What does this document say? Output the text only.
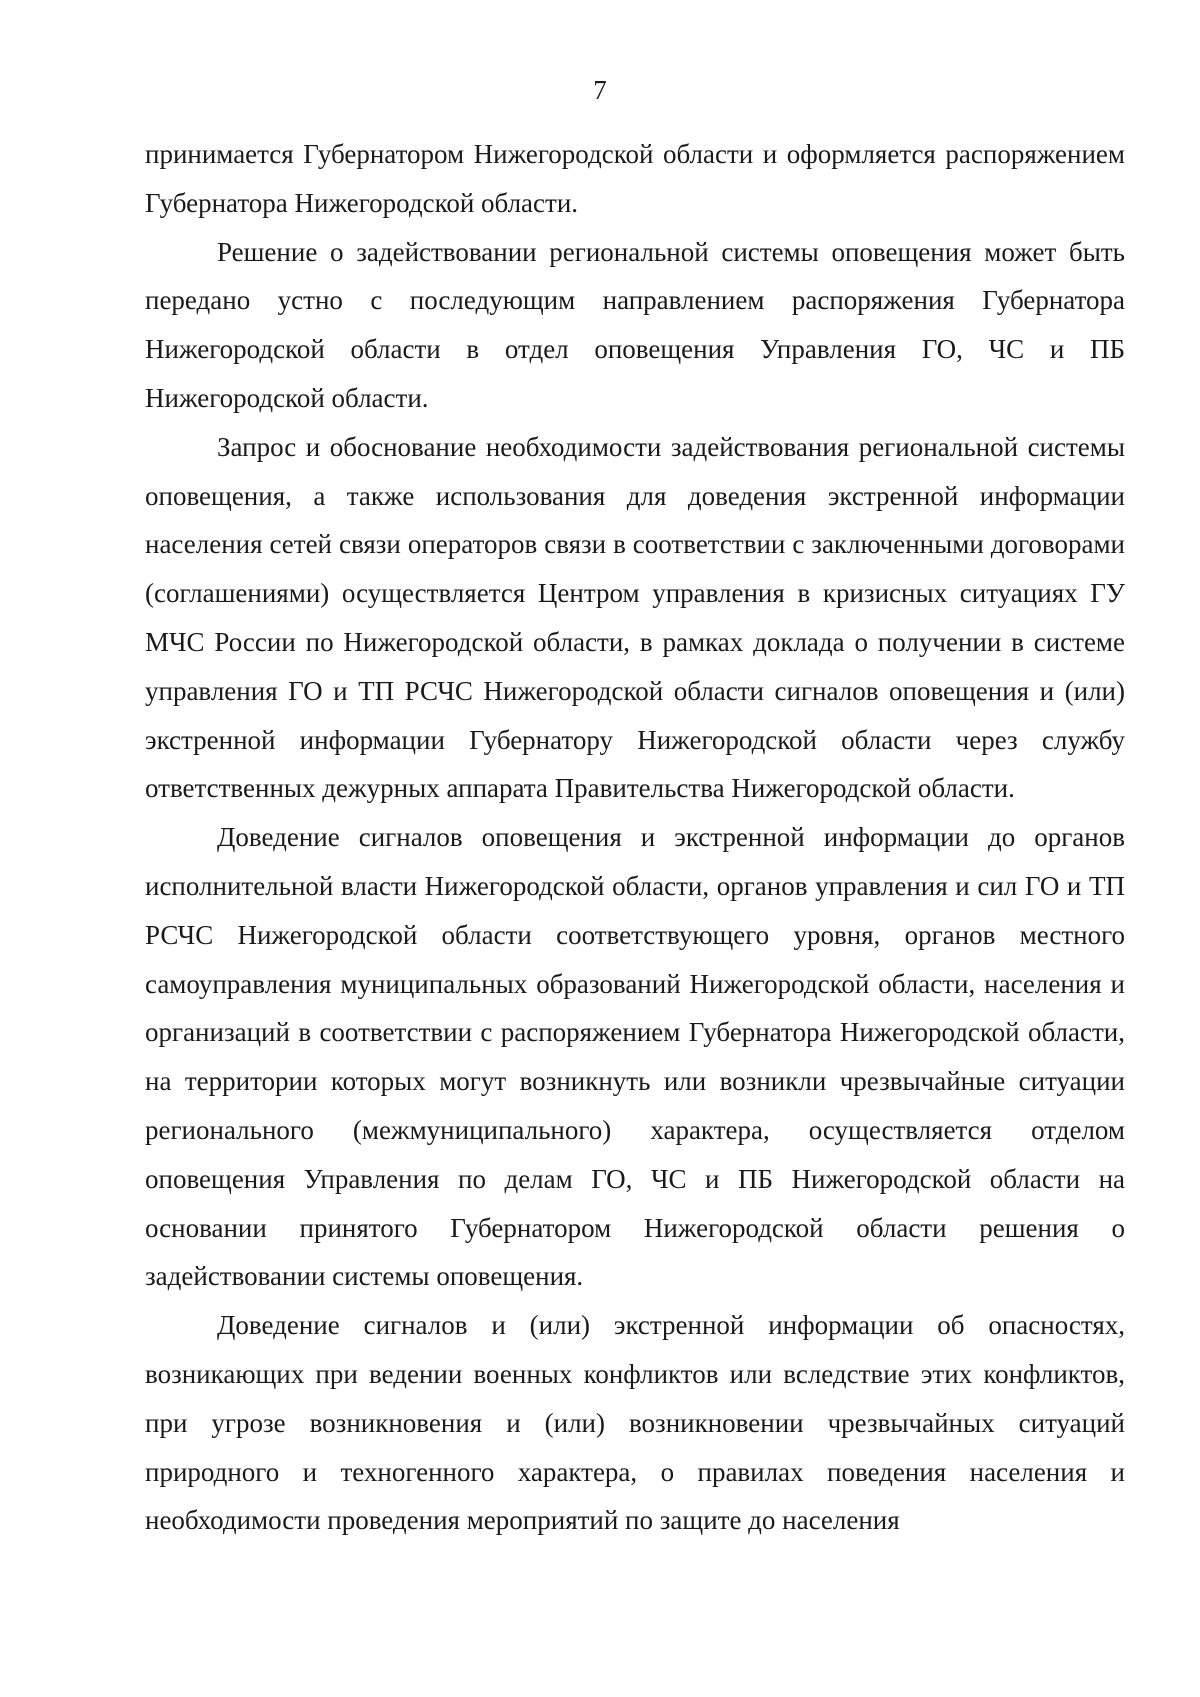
7

принимается Губернатором Нижегородской области и оформляется распоряжением Губернатора Нижегородской области.

Решение о задействовании региональной системы оповещения может быть передано устно с последующим направлением распоряжения Губернатора Нижегородской области в отдел оповещения Управления ГО, ЧС и ПБ Нижегородской области.

Запрос и обоснование необходимости задействования региональной системы оповещения, а также использования для доведения экстренной информации населения сетей связи операторов связи в соответствии с заключенными договорами (соглашениями) осуществляется Центром управления в кризисных ситуациях ГУ МЧС России по Нижегородской области, в рамках доклада о получении в системе управления ГО и ТП РСЧС Нижегородской области сигналов оповещения и (или) экстренной информации Губернатору Нижегородской области через службу ответственных дежурных аппарата Правительства Нижегородской области.

Доведение сигналов оповещения и экстренной информации до органов исполнительной власти Нижегородской области, органов управления и сил ГО и ТП РСЧС Нижегородской области соответствующего уровня, органов местного самоуправления муниципальных образований Нижегородской области, населения и организаций в соответствии с распоряжением Губернатора Нижегородской области, на территории которых могут возникнуть или возникли чрезвычайные ситуации регионального (межмуниципального) характера, осуществляется отделом оповещения Управления по делам ГО, ЧС и ПБ Нижегородской области на основании принятого Губернатором Нижегородской области решения о задействовании системы оповещения.

Доведение сигналов и (или) экстренной информации об опасностях, возникающих при ведении военных конфликтов или вследствие этих конфликтов, при угрозе возникновения и (или) возникновении чрезвычайных ситуаций природного и техногенного характера, о правилах поведения населения и необходимости проведения мероприятий по защите до населения
